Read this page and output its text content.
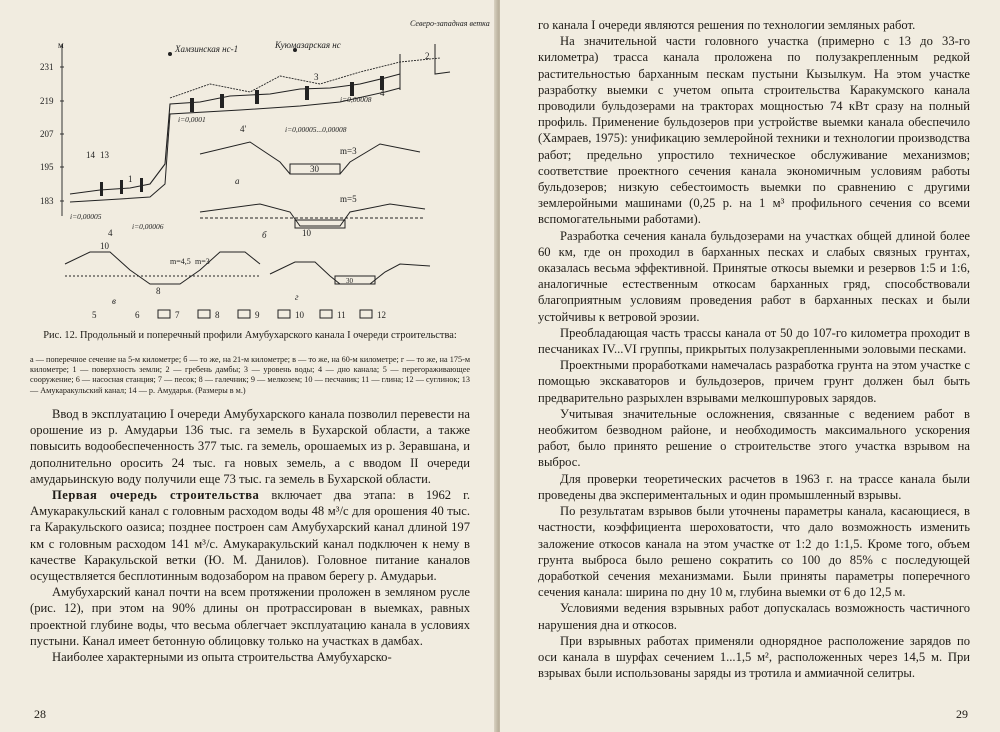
м
231
219
207
195
183
Хамзинская нс-1	Куюмазарская нс
Северо-западная ветка
i=0,00008
i=0,0001
i=0,00005...0,00008
i=0,00005
i=0,00006
14 13
1
2
3
4
4
4'
30
m=3
а
10
m=5
б
10
m=4,5 m=3
8
в
30
г
5	6	7	8	9	10	11	12
Рис. 12. Продольный и поперечный профили Амубухарского канала I очереди строительства:
а — поперечное сечение на 5-м километре; б — то же, на 21-м километре; в — то же, на 60-м километре; г — то же, на 175-м километре; 1 — поверхность земли; 2 — гребень дамбы; 3 — уровень воды; 4 — дно канала; 5 — перегораживающее сооружение; 6 — насосная станция; 7 — песок; 8 — галечник; 9 — мелкозем; 10 — песчаник; 11 — глина; 12 — суглинок; 13 — Амукаракульский канал; 14 — р. Амударья. (Размеры в м.)

Ввод в эксплуатацию I очереди Амубухарского канала позволил перевести на орошение из р. Амударьи 136 тыс. га земель в Бухарской области, а также повысить водообеспеченность 377 тыс. га земель, орошаемых из р. Зеравшана, и дополнительно оросить 24 тыс. га новых земель, а с вводом II очереди амударьинскую воду получили еще 73 тыс. га земель в Бухарской области.

Первая очередь строительства включает два этапа: в 1962 г. Амукаракульский канал с головным расходом воды 48 м³/с для орошения 40 тыс. га Каракульского оазиса; позднее построен сам Амубухарский канал длиной 197 км с головным расходом 141 м³/с. Амукаракульский канал подключен к нему в качестве Каракульской ветки (Ю. М. Данилов). Головное питание каналов осуществляется бесплотинным водозабором на правом берегу р. Амударьи.

Амубухарский канал почти на всем протяжении проложен в земляном русле (рис. 12), при этом на 90% длины он протрассирован в выемках, равных проектной глубине воды, что весьма облегчает эксплуатацию канала в условиях пустыни. Канал имеет бетонную облицовку только на участках в дамбах.

Наиболее характерными из опыта строительства Амубухарско-

28

го канала I очереди являются решения по технологии земляных работ.

На значительной части головного участка (примерно с 13 до 33-го километра) трасса канала проложена по полузакрепленным редкой растительностью барханным пескам пустыни Кызылкум. На этом участке разработку выемки с учетом опыта строительства Каракумского канала проводили бульдозерами на тракторах мощностью 74 кВт сразу на полный профиль. Применение бульдозеров при устройстве выемки канала обеспечило (Хамраев, 1975): унификацию землеройной техники и технологии производства работ; предельно упростило техническое обслуживание механизмов; соответствие проектного сечения канала экономичным условиям работы бульдозеров; низкую себестоимость выемки по сравнению с другими землеройными машинами (0,25 р. на 1 м³ профильного сечения со всеми вспомогательными работами).

Разработка сечения канала бульдозерами на участках общей длиной более 60 км, где он проходил в барханных песках и слабых связных грунтах, оказалась весьма эффективной. Принятые откосы выемки и резервов 1:5 и 1:6, аналогичные естественным откосам барханных гряд, способствовали благоприятным условиям проведения работ в барханных песках и были устойчивы к ветровой эрозии.

Преобладающая часть трассы канала от 50 до 107-го километра проходит в песчаниках IV...VI группы, прикрытых полузакрепленными эоловыми песками.

Проектными проработками намечалась разработка грунта на этом участке с помощью экскаваторов и бульдозеров, причем грунт должен был быть предварительно разрыхлен взрывами мелкошпуровых зарядов.

Учитывая значительные осложнения, связанные с ведением работ в необжитом безводном районе, и необходимость максимального ускорения работ, было принято решение о строительстве этого участка взрывом на выброс.

Для проверки теоретических расчетов в 1963 г. на трассе канала были проведены два экспериментальных и один промышленный взрывы.

По результатам взрывов были уточнены параметры канала, касающиеся, в частности, коэффициента шероховатости, что дало возможность изменить заложение откосов канала на этом участке от 1:2 до 1:1,5. Кроме того, объем грунта выброса было решено сократить со 100 до 85% с последующей доработкой сечения механизмами. Были приняты параметры поперечного сечения канала: ширина по дну 10 м, глубина выемки от 6 до 12,5 м.

Условиями ведения взрывных работ допускалась возможность частичного нарушения дна и откосов.

При взрывных работах применяли однорядное расположение зарядов по оси канала в шурфах сечением 1...1,5 м², расположенных через 14,5 м. При взрывах были использованы заряды из тротила и аммиачной селитры.

29
